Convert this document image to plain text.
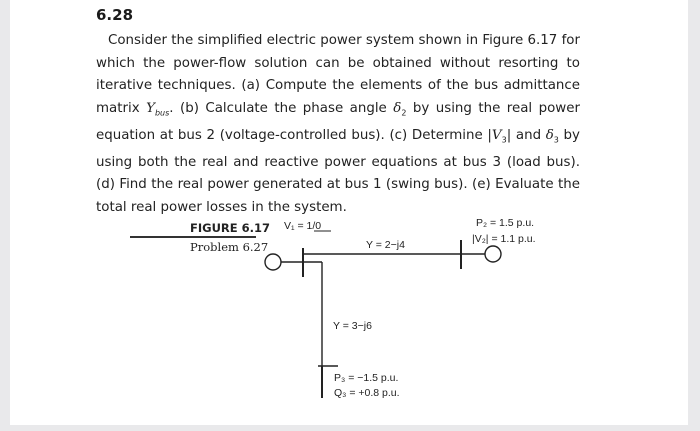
6.28

Consider the simplified electric power system shown in Figure 6.17 for which the power-flow solution can be obtained without resorting to iterative techniques. (a) Compute the elements of the bus admittance matrix $Y_{bus}$. (b) Calculate the phase angle $\delta_2$ by using the real power equation at bus 2 (voltage-controlled bus). (c) Determine $|V_3|$ and $\delta_3$ by using both the real and reactive power equations at bus 3 (load bus). (d) Find the real power generated at bus 1 (swing bus). (e) Evaluate the total real power losses in the system.

FIGURE 6.17
Problem 6.27
V₁ = 1/0
Y = 2−j4
Y = 3−j6
P₂ = 1.5 p.u.
|V₂| = 1.1 p.u.
P₃ = −1.5 p.u.
Q₃ = +0.8 p.u.
